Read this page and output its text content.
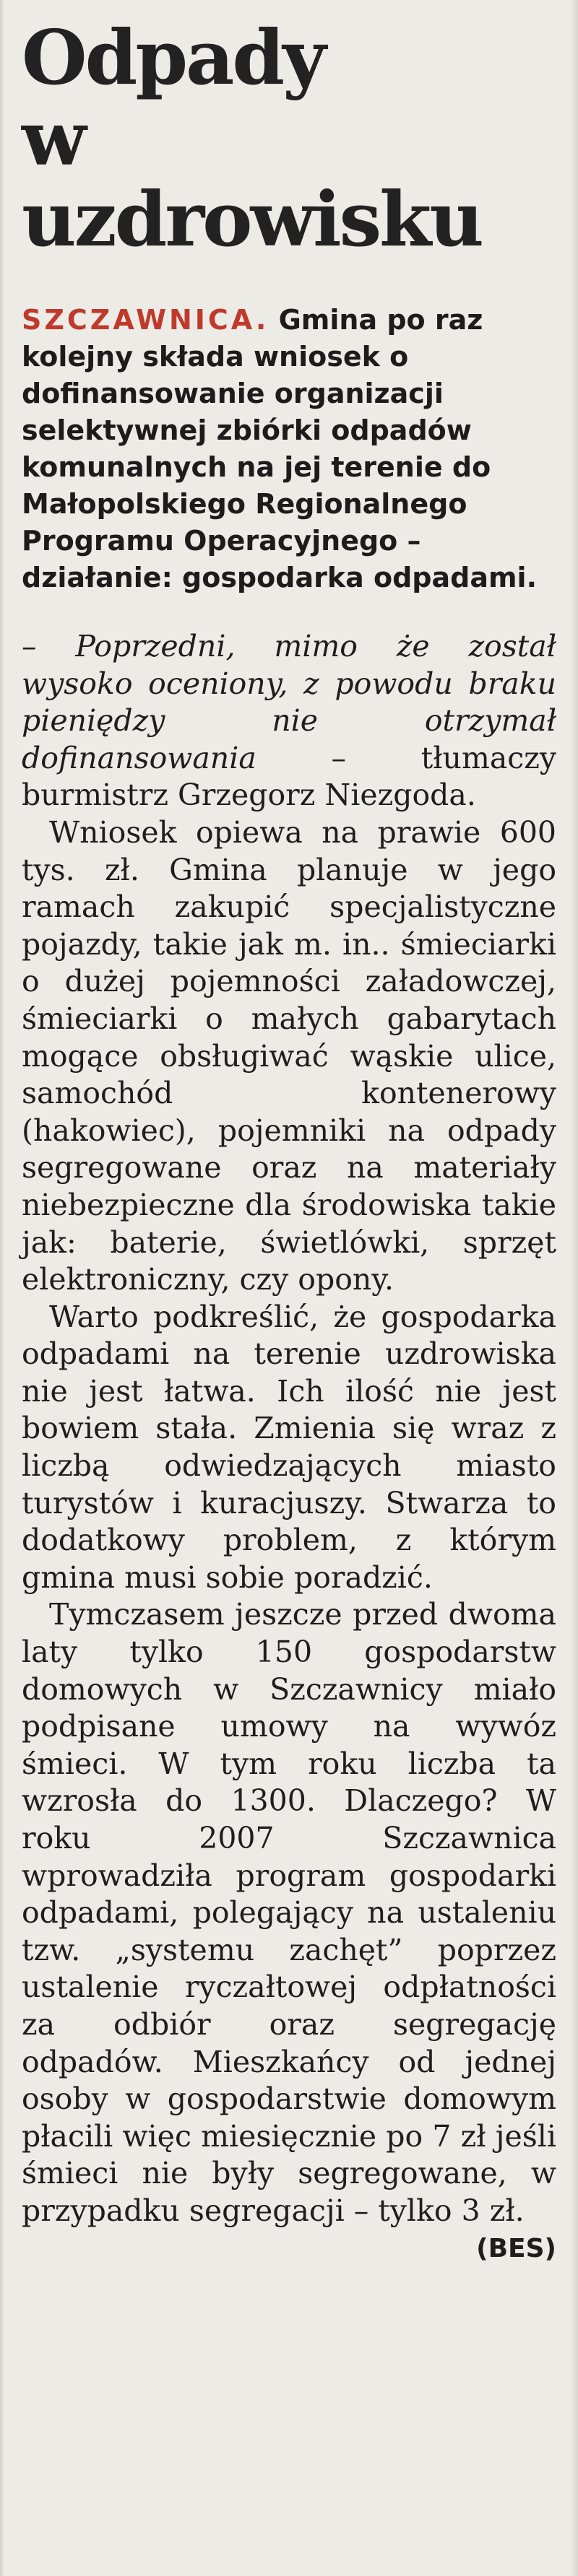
Odpady
w uzdrowisku

SZCZAWNICA. Gmina po raz kolejny składa wniosek o dofinansowanie organizacji selektywnej zbiórki odpadów komunalnych na jej terenie do Małopolskiego Regionalnego Programu Operacyjnego – działanie: gospodarka odpadami.

– Poprzedni, mimo że został wysoko oceniony, z powodu braku pieniędzy nie otrzymał dofinansowania – tłumaczy burmistrz Grzegorz Niezgoda.

Wniosek opiewa na prawie 600 tys. zł. Gmina planuje w jego ramach zakupić specjalistyczne pojazdy, takie jak m. in.. śmieciarki o dużej pojemności załadowczej, śmieciarki o małych gabarytach mogące obsługiwać wąskie ulice, samochód kontenerowy (hakowiec), pojemniki na odpady segregowane oraz na materiały niebezpieczne dla środowiska takie jak: baterie, świetlówki, sprzęt elektroniczny, czy opony.

Warto podkreślić, że gospodarka odpadami na terenie uzdrowiska nie jest łatwa. Ich ilość nie jest bowiem stała. Zmienia się wraz z liczbą odwiedzających miasto turystów i kuracjuszy. Stwarza to dodatkowy problem, z którym gmina musi sobie poradzić.

Tymczasem jeszcze przed dwoma laty tylko 150 gospodarstw domowych w Szczawnicy miało podpisane umowy na wywóz śmieci. W tym roku liczba ta wzrosła do 1300. Dlaczego? W roku 2007 Szczawnica wprowadziła program gospodarki odpadami, polegający na ustaleniu tzw. „systemu zachęt” poprzez ustalenie ryczałtowej odpłatności za odbiór oraz segregację odpadów. Mieszkańcy od jednej osoby w gospodarstwie domowym płacili więc miesięcznie po 7 zł jeśli śmieci nie były segregowane, w przypadku segregacji – tylko 3 zł.
(BES)
